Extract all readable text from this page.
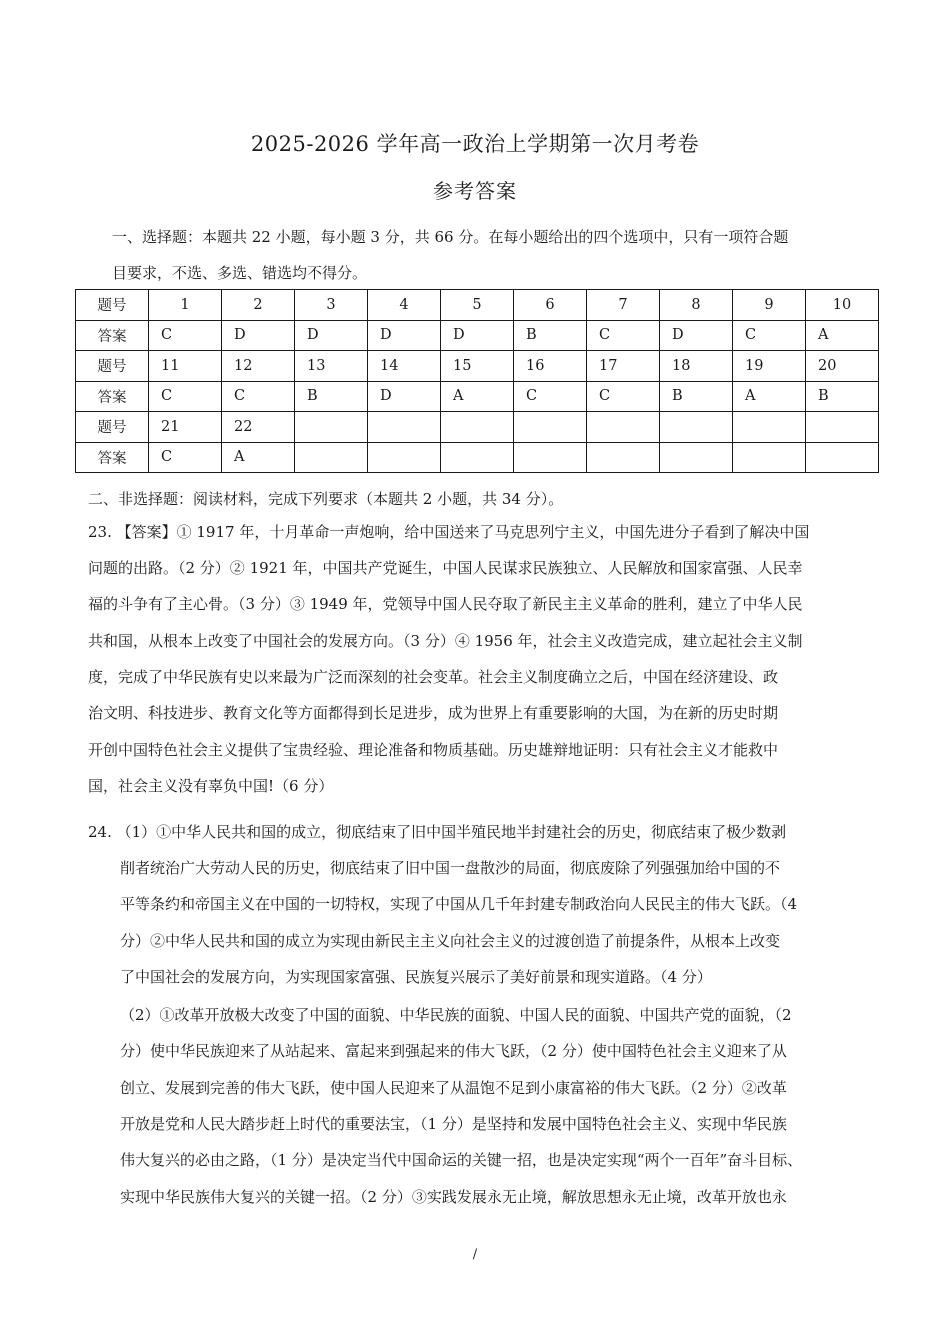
2025-2026 学年高一政治上学期第一次月考卷
参考答案

一、选择题：本题共 22 小题，每小题 3 分，共 66 分。在每小题给出的四个选项中，只有一项符合题

目要求，不选、多选、错选均不得分。

题号	1	2	3	4	5	6	7	8	9	10
答案	C	D	D	D	D	B	C	D	C	A
题号	11	12	13	14	15	16	17	18	19	20
答案	C	C	B	D	A	C	C	B	A	B
题号	21	22								
答案	C	A								

二、非选择题：阅读材料，完成下列要求（本题共 2 小题，共 34 分）。

23. 【答案】① 1917 年，十月革命一声炮响，给中国送来了马克思列宁主义，中国先进分子看到了解决中国

问题的出路。（2 分）② 1921 年，中国共产党诞生，中国人民谋求民族独立、人民解放和国家富强、人民幸

福的斗争有了主心骨。（3 分）③ 1949 年，党领导中国人民夺取了新民主主义革命的胜利，建立了中华人民

共和国，从根本上改变了中国社会的发展方向。（3 分）④ 1956 年，社会主义改造完成，建立起社会主义制

度，完成了中华民族有史以来最为广泛而深刻的社会变革。社会主义制度确立之后，中国在经济建设、政

治文明、科技进步、教育文化等方面都得到长足进步，成为世界上有重要影响的大国，为在新的历史时期

开创中国特色社会主义提供了宝贵经验、理论准备和物质基础。历史雄辩地证明：只有社会主义才能救中

国，社会主义没有辜负中国!（6 分）

24. （1）①中华人民共和国的成立，彻底结束了旧中国半殖民地半封建社会的历史，彻底结束了极少数剥

削者统治广大劳动人民的历史，彻底结束了旧中国一盘散沙的局面，彻底废除了列强强加给中国的不

平等条约和帝国主义在中国的一切特权，实现了中国从几千年封建专制政治向人民民主的伟大飞跃。（4

分）②中华人民共和国的成立为实现由新民主主义向社会主义的过渡创造了前提条件，从根本上改变

了中国社会的发展方向，为实现国家富强、民族复兴展示了美好前景和现实道路。（4 分）

（2）①改革开放极大改变了中国的面貌、中华民族的面貌、中国人民的面貌、中国共产党的面貌，（2

分）使中华民族迎来了从站起来、富起来到强起来的伟大飞跃，（2 分）使中国特色社会主义迎来了从

创立、发展到完善的伟大飞跃，使中国人民迎来了从温饱不足到小康富裕的伟大飞跃。（2 分）②改革

开放是党和人民大踏步赶上时代的重要法宝，（1 分）是坚持和发展中国特色社会主义、实现中华民族

伟大复兴的必由之路，（1 分）是决定当代中国命运的关键一招，也是决定实现“两个一百年”奋斗目标、

实现中华民族伟大复兴的关键一招。（2 分）③实践发展永无止境，解放思想永无止境，改革开放也永

/
